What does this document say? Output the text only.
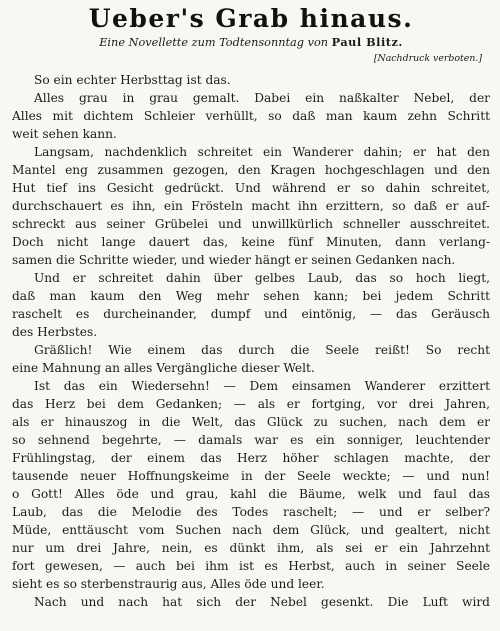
Ueber's Grab hinaus.
Eine Novellette zum Todtensonntag von Paul Blitz.
[Nachdruck verboten.]
So ein echter Herbsttag ist das.
Alles grau in grau gemalt. Dabei ein naßkalter Nebel, der
Alles mit dichtem Schleier verhüllt, so daß man kaum zehn Schritt
weit sehen kann.
Langsam, nachdenklich schreitet ein Wanderer dahin; er hat den
Mantel eng zusammen gezogen, den Kragen hochgeschlagen und den
Hut tief ins Gesicht gedrückt. Und während er so dahin schreitet,
durchschauert es ihn, ein Frösteln macht ihn erzittern, so daß er auf-
schreckt aus seiner Grübelei und unwillkürlich schneller ausschreitet.
Doch nicht lange dauert das, keine fünf Minuten, dann verlang-
samen die Schritte wieder, und wieder hängt er seinen Gedanken nach.
Und er schreitet dahin über gelbes Laub, das so hoch liegt,
daß man kaum den Weg mehr sehen kann; bei jedem Schritt
raschelt es durcheinander, dumpf und eintönig, — das Geräusch
des Herbstes.
Gräßlich! Wie einem das durch die Seele reißt! So recht
eine Mahnung an alles Vergängliche dieser Welt.
Ist das ein Wiedersehn! — Dem einsamen Wanderer erzittert
das Herz bei dem Gedanken; — als er fortging, vor drei Jahren,
als er hinauszog in die Welt, das Glück zu suchen, nach dem er
so sehnend begehrte, — damals war es ein sonniger, leuchtender
Frühlingstag, der einem das Herz höher schlagen machte, der
tausende neuer Hoffnungskeime in der Seele weckte; — und nun!
o Gott! Alles öde und grau, kahl die Bäume, welk und faul das
Laub, das die Melodie des Todes raschelt; — und er selber?
Müde, enttäuscht vom Suchen nach dem Glück, und gealtert, nicht
nur um drei Jahre, nein, es dünkt ihm, als sei er ein Jahrzehnt
fort gewesen, — auch bei ihm ist es Herbst, auch in seiner Seele
sieht es so sterbenstraurig aus, Alles öde und leer.
Nach und nach hat sich der Nebel gesenkt. Die Luft wird
